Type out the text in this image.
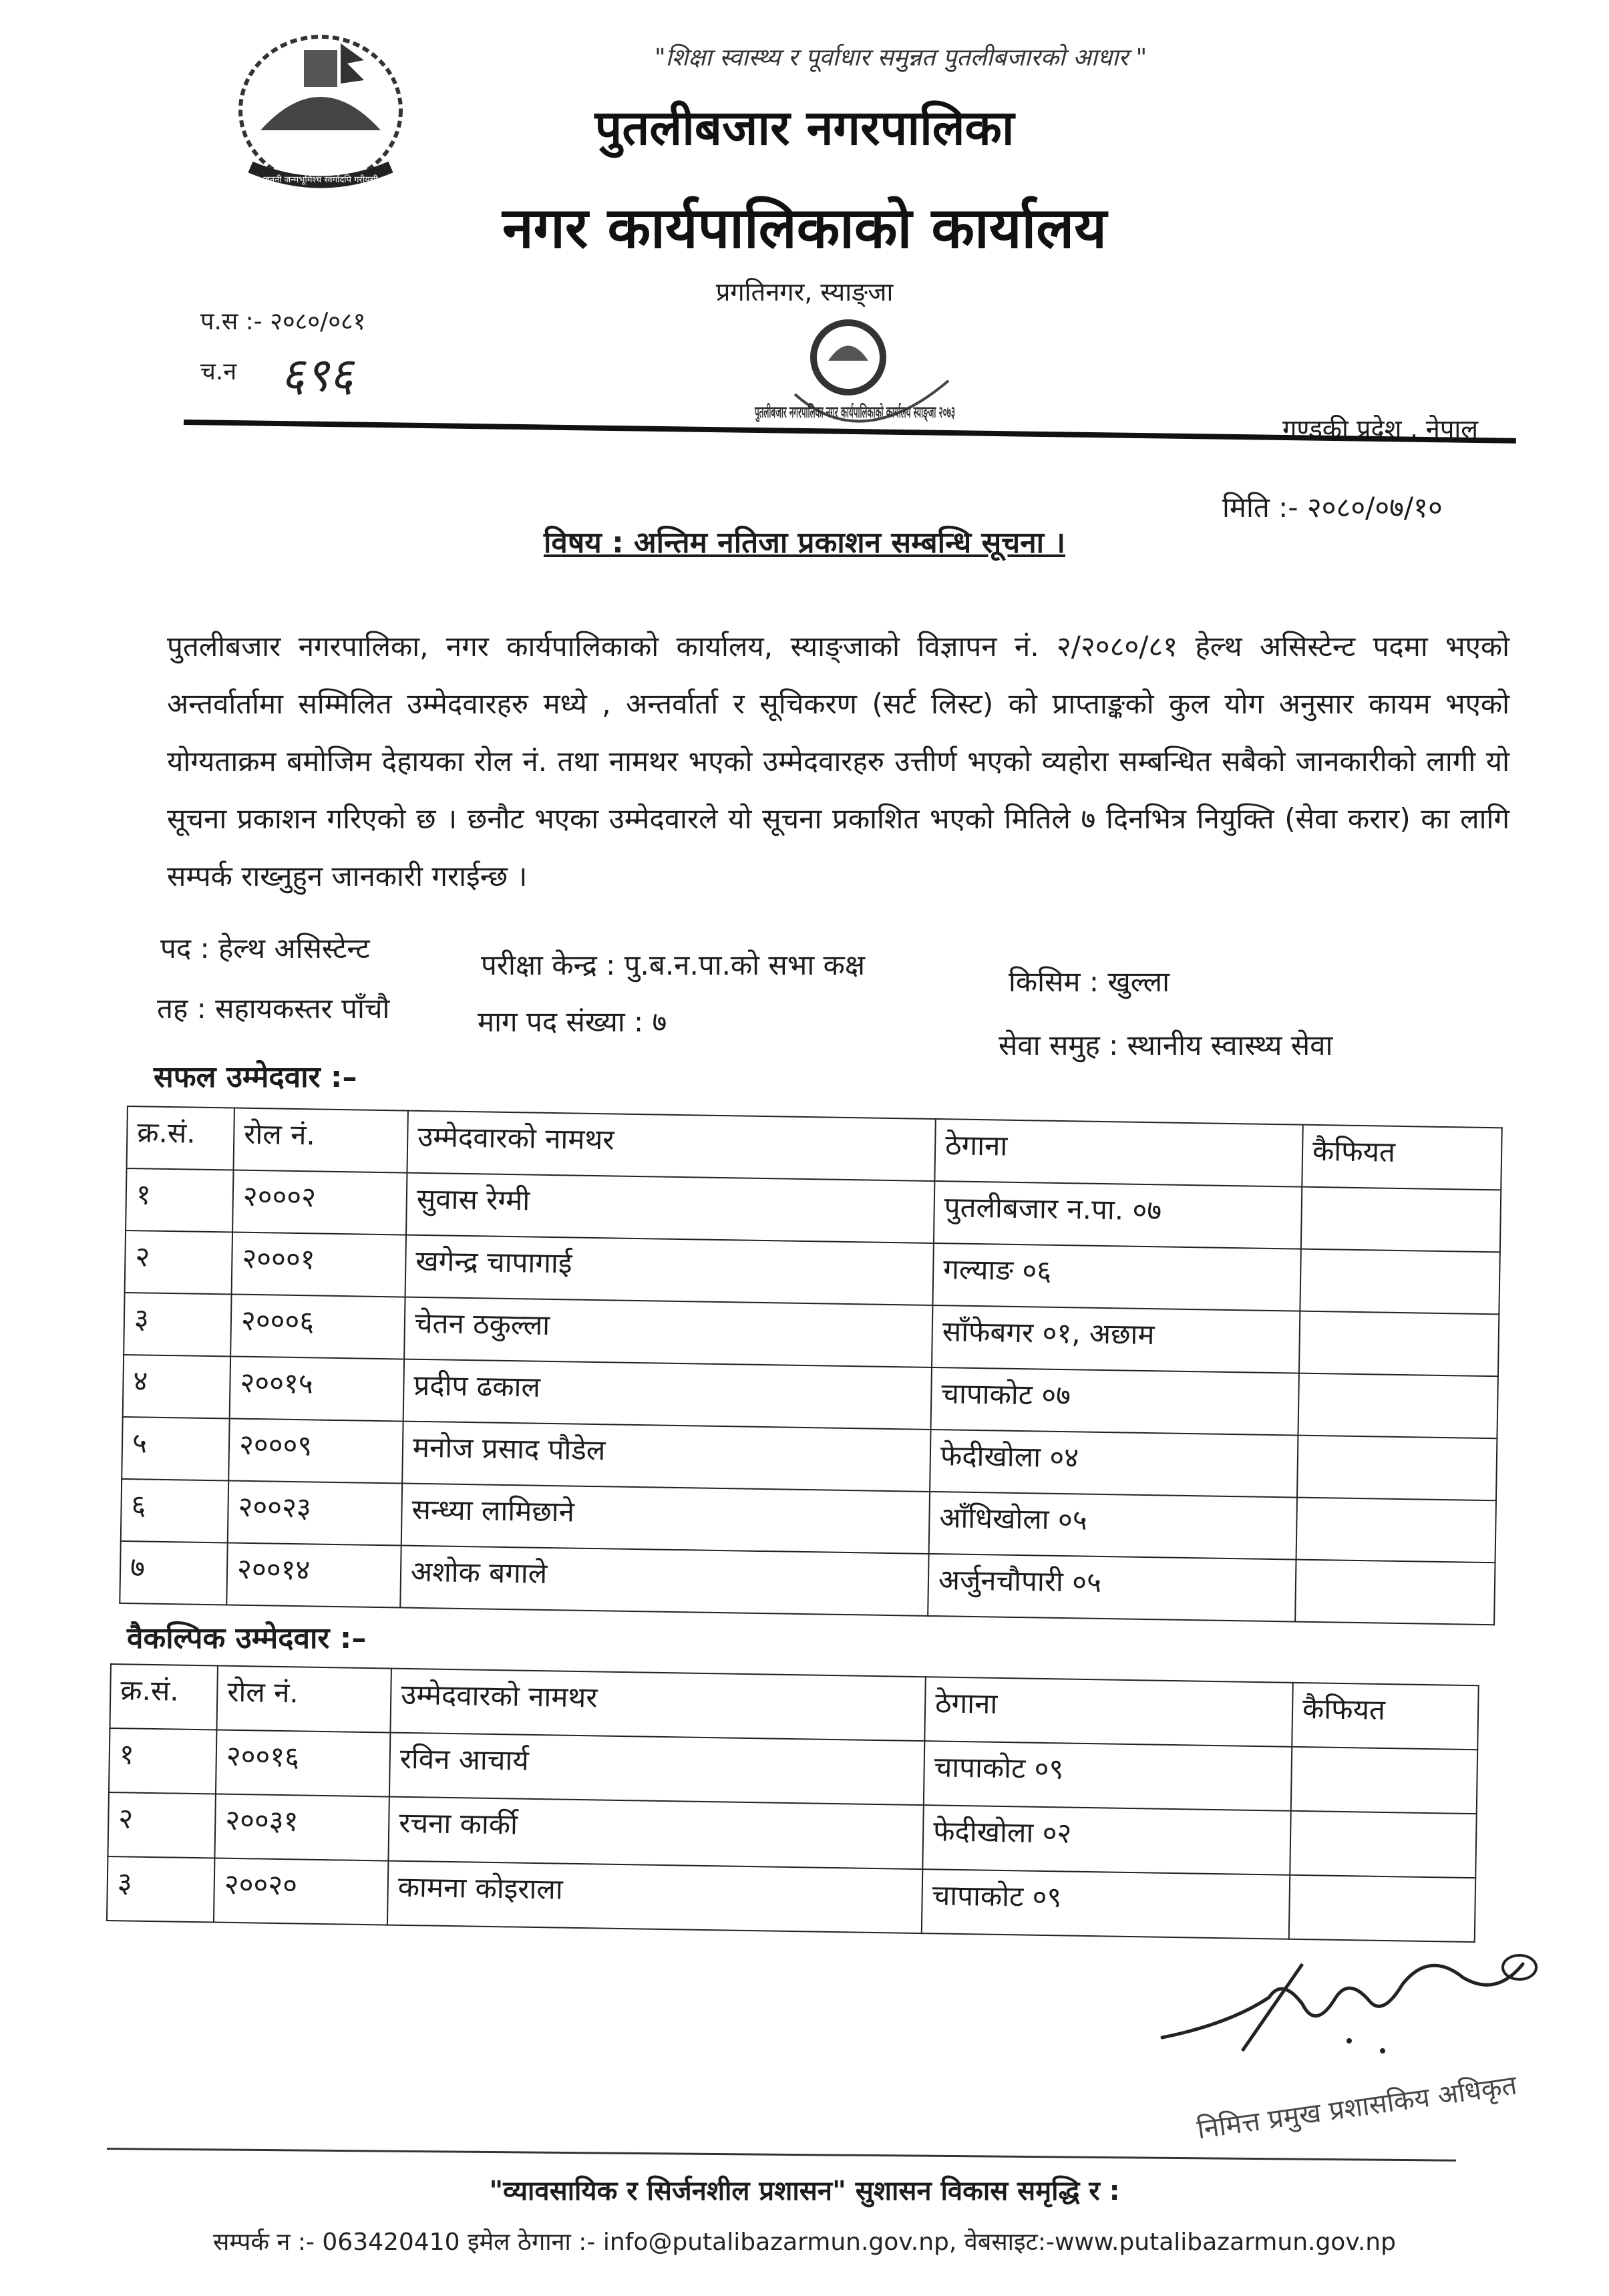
जननी जन्मभूमिश्च स्वर्गादपि गरीयसी
"शिक्षा स्वास्थ्य र पूर्वाधार समुन्नत पुतलीबजारको आधार "
पुतलीबजार नगरपालिका
नगर कार्यपालिकाको कार्यालय
प्रगतिनगर, स्याङ्जा
प.स :- २०८०/०८१
च.न ६९६
पुतलीबजार नगरपालिका नगर कार्यपालिकाको कार्यालय स्याङ्जा २०७३
गण्डकी प्रदेश , नेपाल
मिति :- २०८०/०७/१०
विषय : अन्तिम नतिजा प्रकाशन सम्बन्धि सूचना ।
पुतलीबजार नगरपालिका, नगर कार्यपालिकाको कार्यालय, स्याङ्जाको विज्ञापन नं. २/२०८०/८१ हेल्थ असिस्टेन्ट पदमा भएको अन्तर्वार्तामा सम्मिलित उम्मेदवारहरु मध्ये , अन्तर्वार्ता र सूचिकरण (सर्ट लिस्ट) को प्राप्ताङ्कको कुल योग अनुसार कायम भएको योग्यताक्रम बमोजिम देहायका रोल नं. तथा नामथर भएको उम्मेदवारहरु उत्तीर्ण भएको व्यहोरा सम्बन्धित सबैको जानकारीको लागी यो सूचना प्रकाशन गरिएको छ । छनौट भएका उम्मेदवारले यो सूचना प्रकाशित भएको मितिले ७ दिनभित्र नियुक्ति (सेवा करार) का लागि सम्पर्क राख्नुहुन जानकारी गराईन्छ ।
पद : हेल्थ असिस्टेन्ट
परीक्षा केन्द्र : पु.ब.न.पा.को सभा कक्ष
किसिम : खुल्ला
तह : सहायकस्तर पाँचौ	माग पद संख्या : ७
सेवा समुह : स्थानीय स्वास्थ्य सेवा
सफल उम्मेदवार :–
क्र.सं.	रोल नं.	उम्मेदवारको नामथर	ठेगाना	कैफियत
१	२०००२	सुवास रेग्मी	पुतलीबजार न.पा. ०७	
२	२०००१	खगेन्द्र चापागाई	गल्याङ ०६	
३	२०००६	चेतन ठकुल्ला	साँफेबगर ०१, अछाम	
४	२००१५	प्रदीप ढकाल	चापाकोट ०७	
५	२०००९	मनोज प्रसाद पौडेल	फेदीखोला ०४	
६	२००२३	सन्ध्या लामिछाने	आँधिखोला ०५	
७	२००१४	अशोक बगाले	अर्जुनचौपारी ०५	
वैकल्पिक उम्मेदवार :–
क्र.सं.	रोल नं.	उम्मेदवारको नामथर	ठेगाना	कैफियत
१	२००१६	रविन आचार्य	चापाकोट ०९	
२	२००३१	रचना कार्की	फेदीखोला ०२	
३	२००२०	कामना कोइराला	चापाकोट ०९	
निमित्त प्रमुख प्रशासकिय अधिकृत
"व्यावसायिक र सिर्जनशील प्रशासन" सुशासन विकास समृद्धि र :
सम्पर्क न :- 063420410 इमेल ठेगाना :- info@putalibazarmun.gov.np, वेबसाइट:-www.putalibazarmun.gov.np
